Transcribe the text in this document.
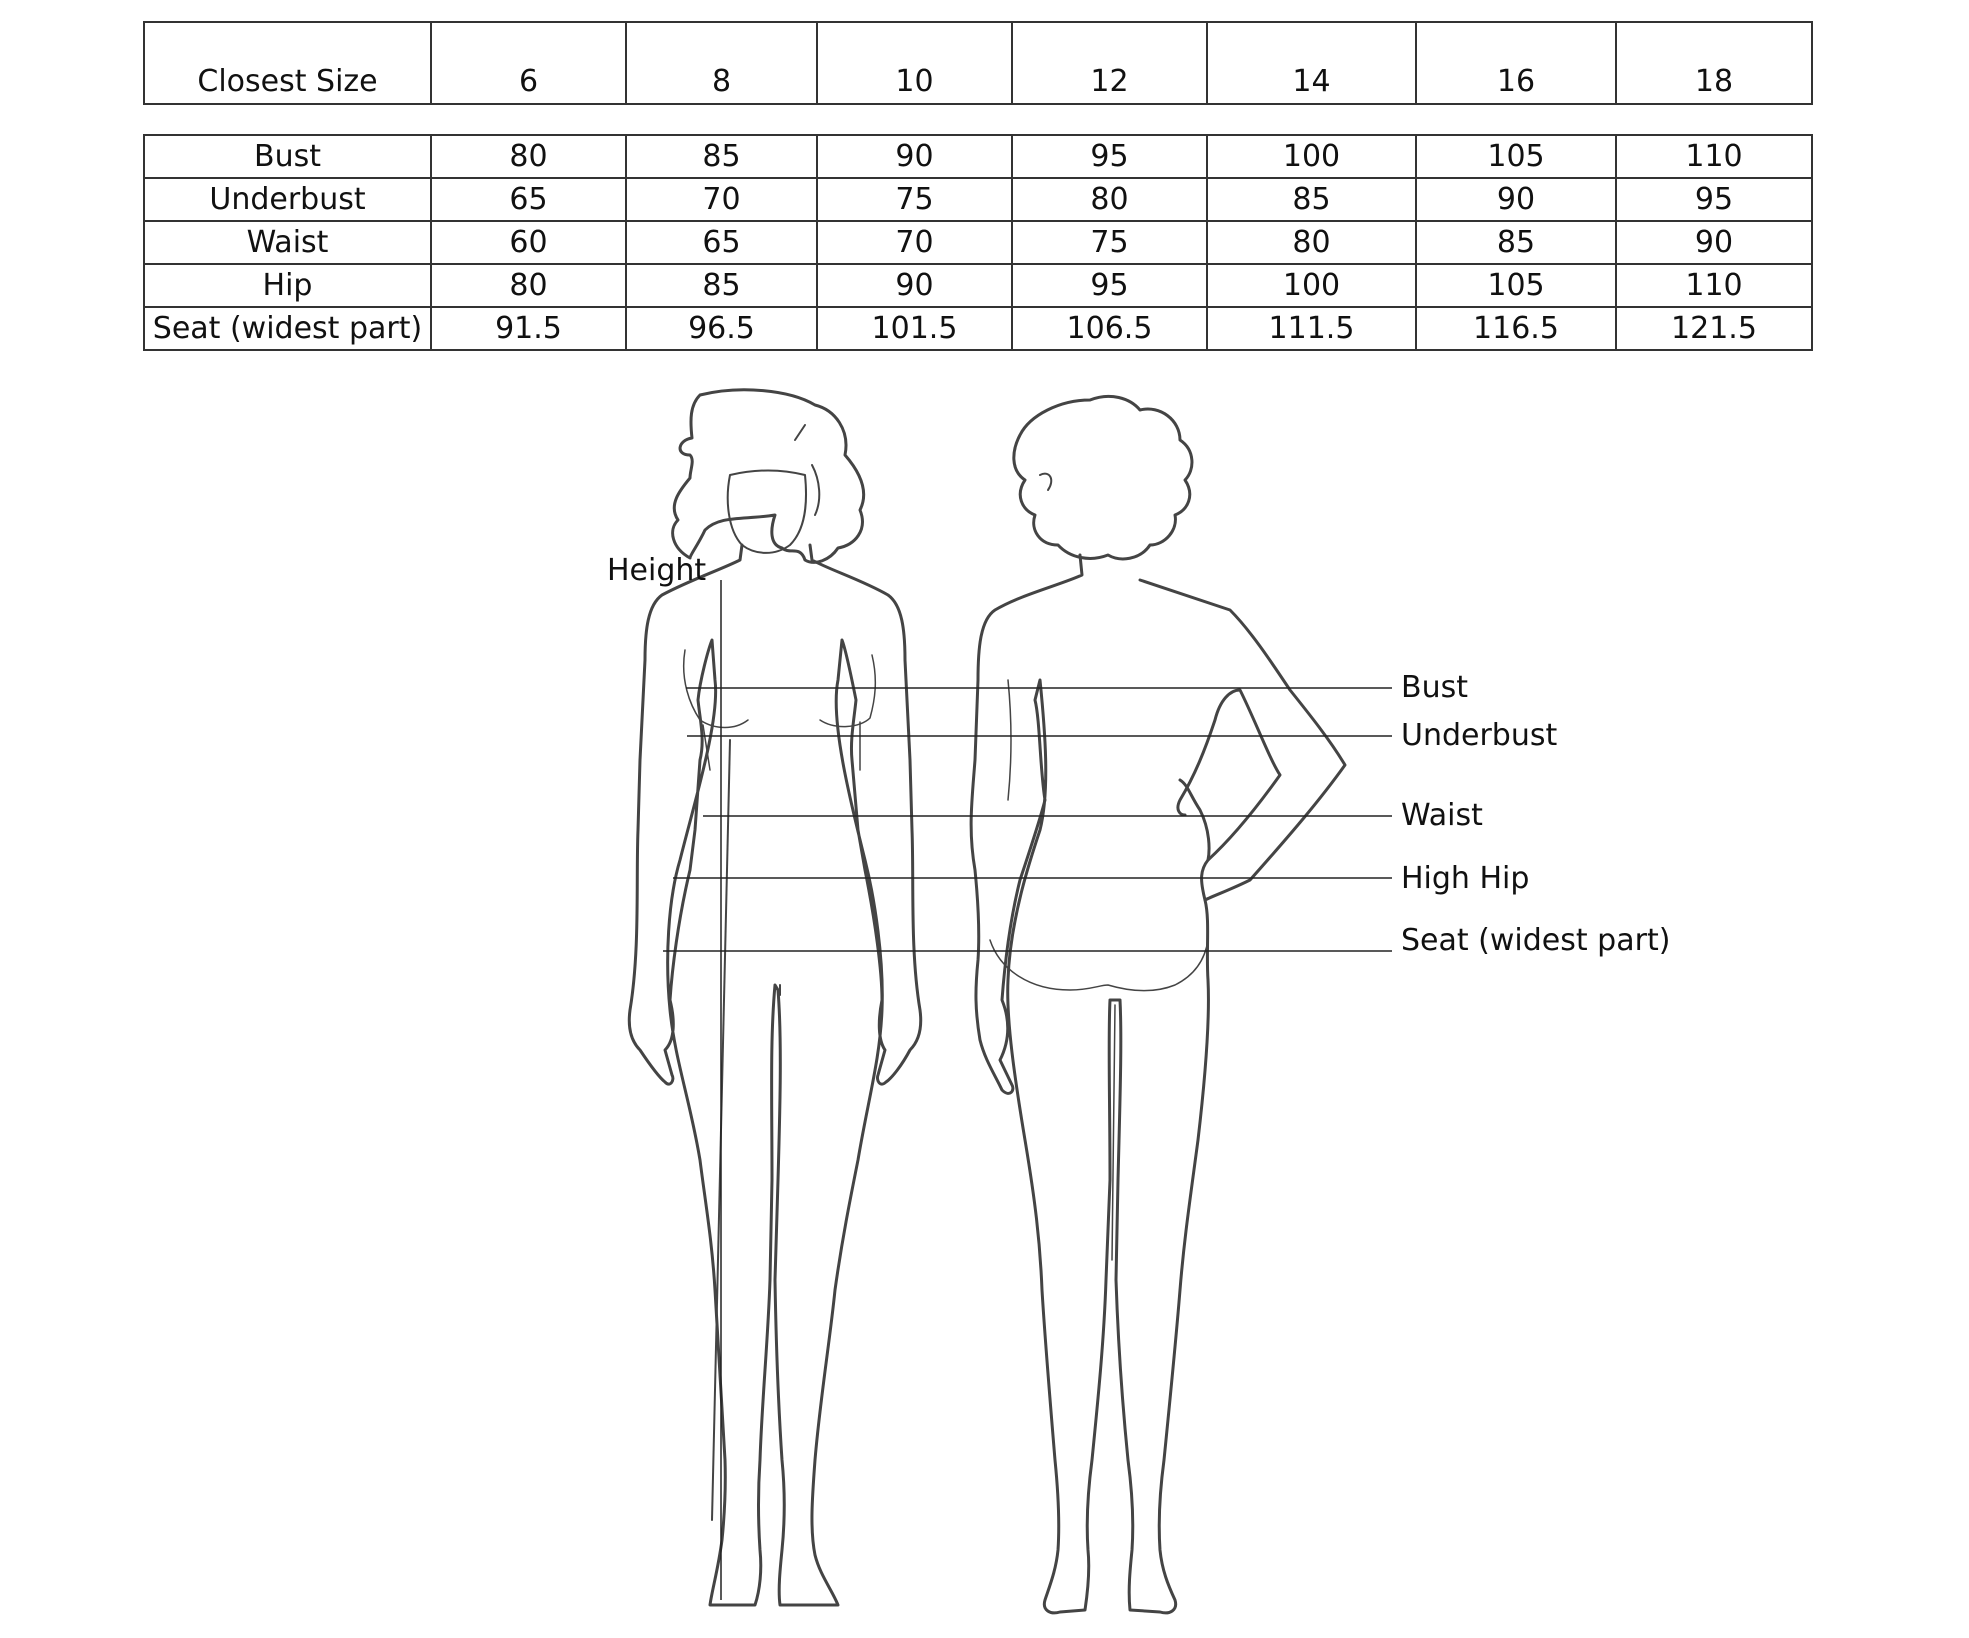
Closest Size	6	8	10	12	14	16	18
Bust	80	85	90	95	100	105	110
Underbust	65	70	75	80	85	90	95
Waist	60	65	70	75	80	85	90
Hip	80	85	90	95	100	105	110
Seat (widest part)	91.5	96.5	101.5	106.5	111.5	116.5	121.5
Height
Bust
Underbust
Waist
High Hip
Seat (widest part)
